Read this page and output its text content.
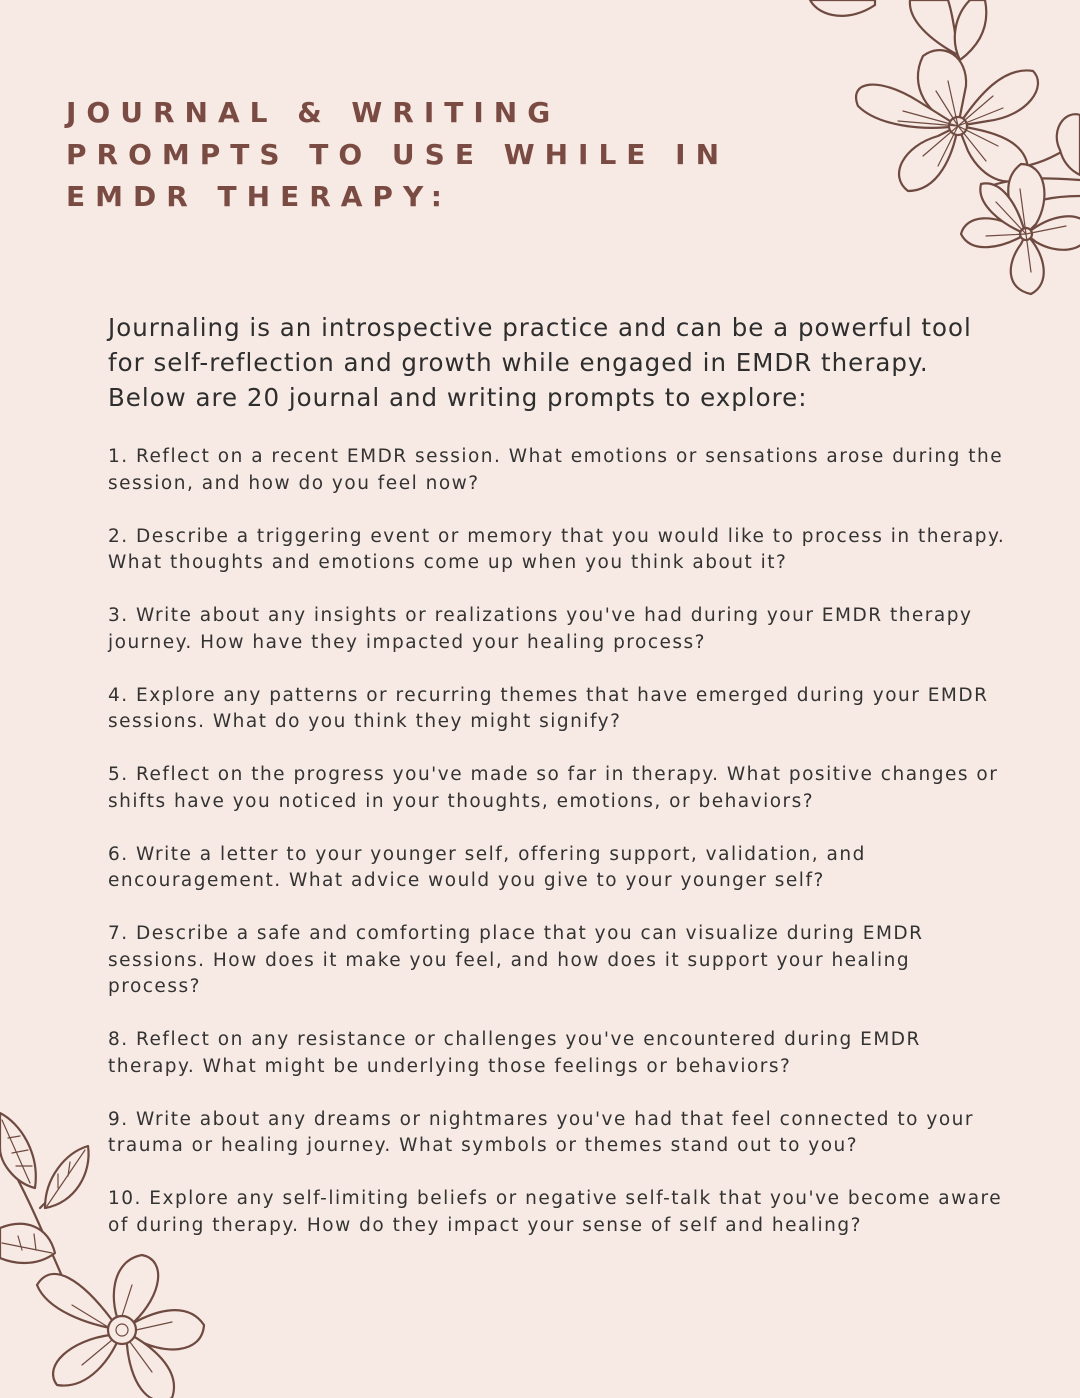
JOURNAL & WRITING PROMPTS TO USE WHILE IN EMDR THERAPY:

Journaling is an introspective practice and can be a powerful tool for self-reflection and growth while engaged in EMDR therapy. Below are 20 journal and writing prompts to explore:

1. Reflect on a recent EMDR session. What emotions or sensations arose during the session, and how do you feel now?
2. Describe a triggering event or memory that you would like to process in therapy. What thoughts and emotions come up when you think about it?
3. Write about any insights or realizations you've had during your EMDR therapy journey. How have they impacted your healing process?
4. Explore any patterns or recurring themes that have emerged during your EMDR sessions. What do you think they might signify?
5. Reflect on the progress you've made so far in therapy. What positive changes or shifts have you noticed in your thoughts, emotions, or behaviors?
6. Write a letter to your younger self, offering support, validation, and encouragement. What advice would you give to your younger self?
7. Describe a safe and comforting place that you can visualize during EMDR sessions. How does it make you feel, and how does it support your healing process?
8. Reflect on any resistance or challenges you've encountered during EMDR therapy. What might be underlying those feelings or behaviors?
9. Write about any dreams or nightmares you've had that feel connected to your trauma or healing journey. What symbols or themes stand out to you?
10. Explore any self-limiting beliefs or negative self-talk that you've become aware of during therapy. How do they impact your sense of self and healing?
